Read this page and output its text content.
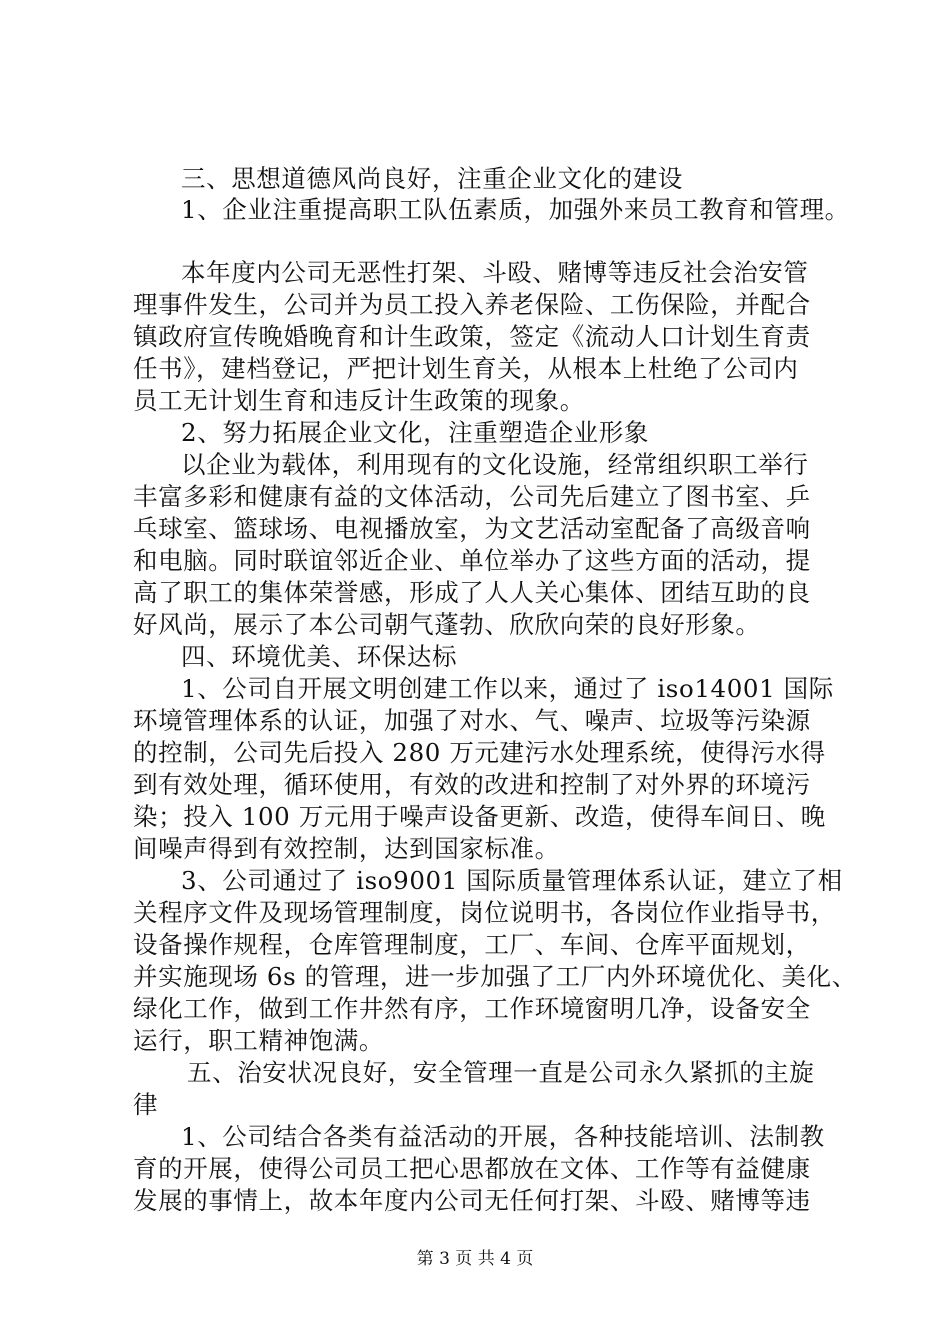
三、思想道德风尚良好，注重企业文化的建设
1、企业注重提高职工队伍素质，加强外来员工教育和管理。
本年度内公司无恶性打架、斗殴、赌博等违反社会治安管
理事件发生，公司并为员工投入养老保险、工伤保险，并配合
镇政府宣传晚婚晚育和计生政策，签定《流动人口计划生育责
任书》，建档登记，严把计划生育关，从根本上杜绝了公司内
员工无计划生育和违反计生政策的现象。
2、努力拓展企业文化，注重塑造企业形象
以企业为载体，利用现有的文化设施，经常组织职工举行
丰富多彩和健康有益的文体活动，公司先后建立了图书室、乒
乓球室、篮球场、电视播放室，为文艺活动室配备了高级音响
和电脑。同时联谊邻近企业、单位举办了这些方面的活动，提
高了职工的集体荣誉感，形成了人人关心集体、团结互助的良
好风尚，展示了本公司朝气蓬勃、欣欣向荣的良好形象。
四、环境优美、环保达标
1、公司自开展文明创建工作以来，通过了 iso14001 国际
环境管理体系的认证，加强了对水、气、噪声、垃圾等污染源
的控制，公司先后投入 280 万元建污水处理系统，使得污水得
到有效处理，循环使用，有效的改进和控制了对外界的环境污
染；投入 100 万元用于噪声设备更新、改造，使得车间日、晚
间噪声得到有效控制，达到国家标准。
3、公司通过了 iso9001 国际质量管理体系认证，建立了相
关程序文件及现场管理制度，岗位说明书，各岗位作业指导书，
设备操作规程，仓库管理制度，工厂、车间、仓库平面规划，
并实施现场 6s 的管理，进一步加强了工厂内外环境优化、美化、
绿化工作，做到工作井然有序，工作环境窗明几净，设备安全
运行，职工精神饱满。
五、治安状况良好，安全管理一直是公司永久紧抓的主旋
律
1、公司结合各类有益活动的开展，各种技能培训、法制教
育的开展，使得公司员工把心思都放在文体、工作等有益健康
发展的事情上，故本年度内公司无任何打架、斗殴、赌博等违
第 3 页 共 4 页
